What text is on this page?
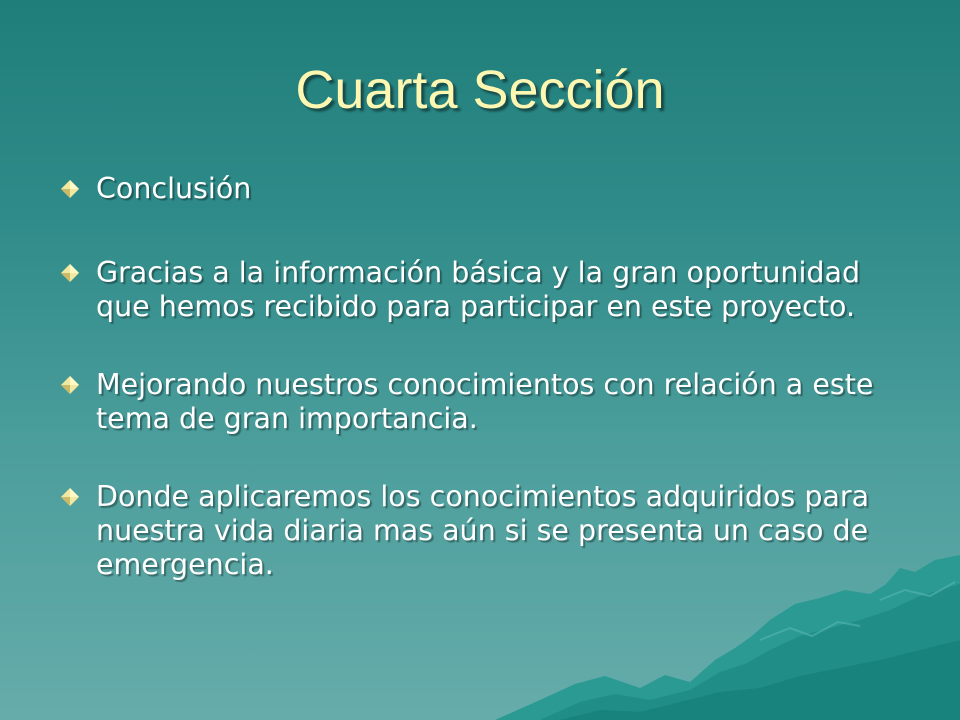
Cuarta Sección
Conclusión
Gracias a la información básica y la gran oportunidad que hemos recibido para participar en este proyecto.
Mejorando nuestros conocimientos con relación a este tema de gran importancia.
Donde aplicaremos los conocimientos adquiridos para nuestra vida diaria mas aún si se presenta un caso de emergencia.
